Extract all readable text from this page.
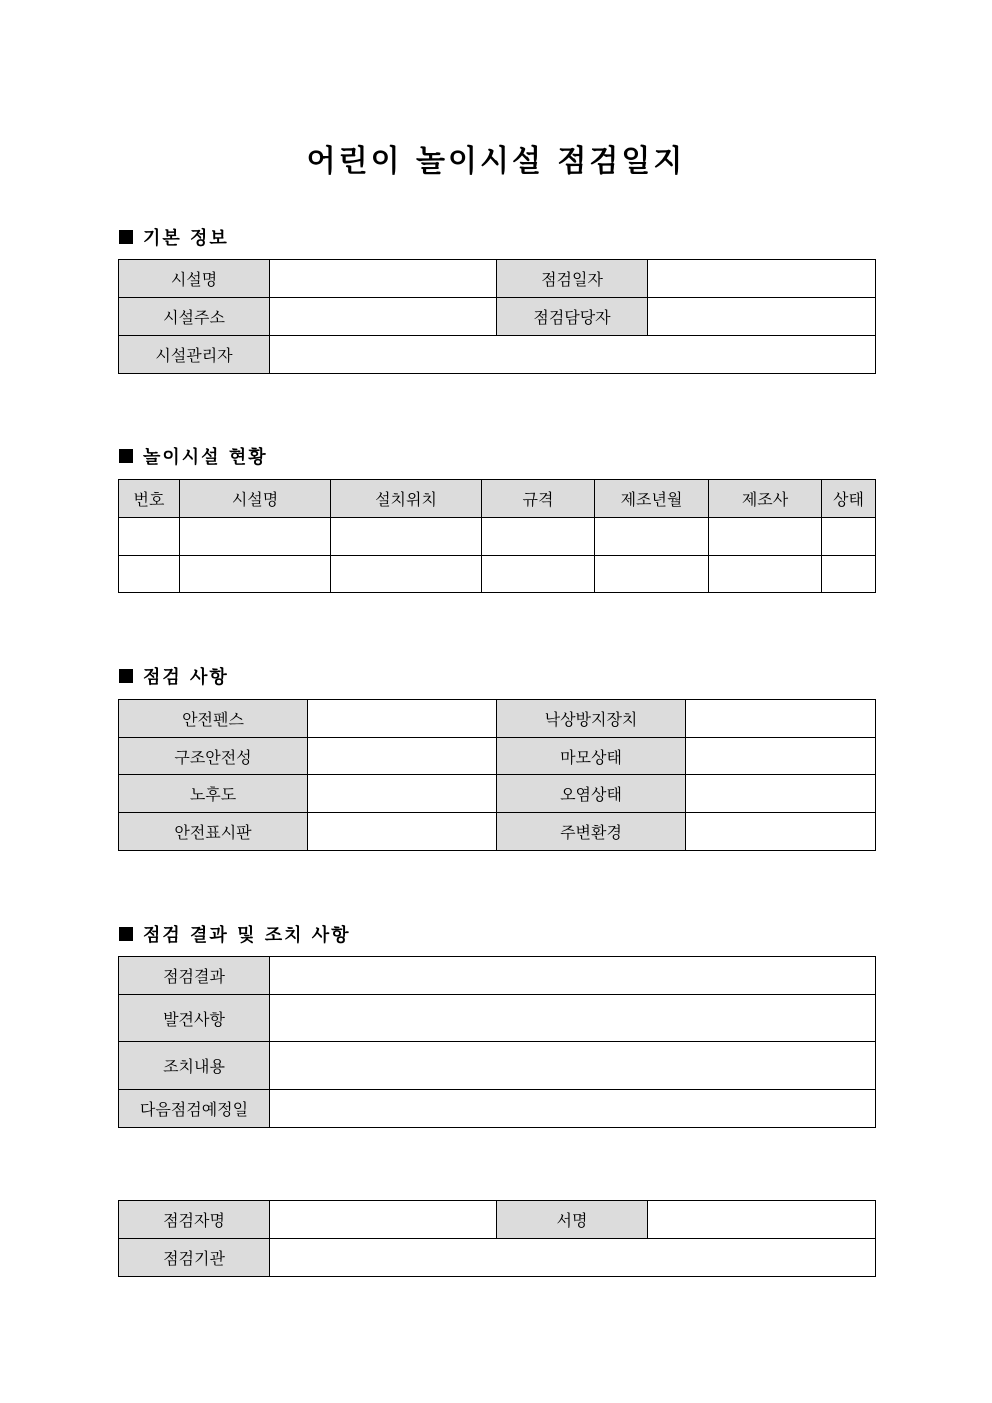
어린이 놀이시설 점검일지
기본 정보
시설명		점검일자	
시설주소		점검담당자	
시설관리자			
놀이시설 현황
번호	시설명	설치위치	규격	제조년월	제조사	상태

점검 사항
안전펜스		낙상방지장치	
구조안전성		마모상태	
노후도		오염상태	
안전표시판		주변환경	
점검 결과 및 조치 사항
점검결과	
발견사항	
조치내용	
다음점검예정일	
점검자명		서명	
점검기관			
